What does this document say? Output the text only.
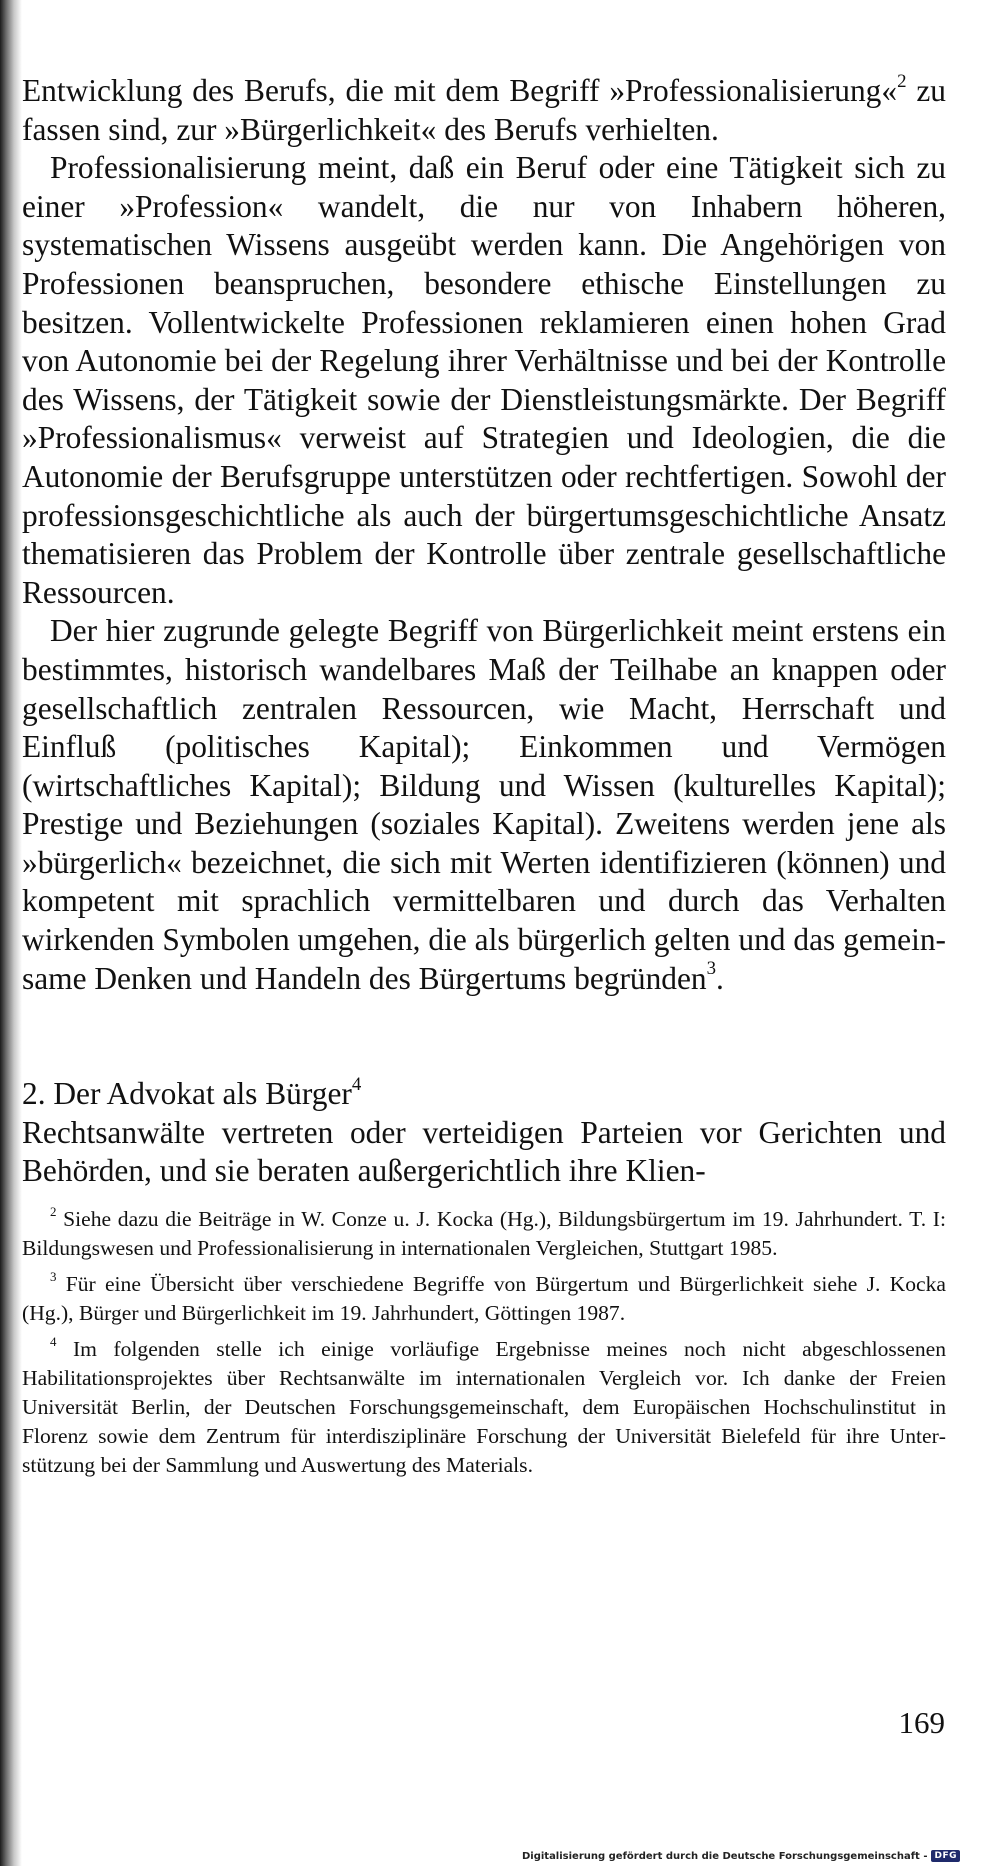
Entwicklung des Berufs, die mit dem Begriff »Professionalisierung«$^2$ zu fassen sind, zur »Bürgerlichkeit« des Berufs verhielten.

Professionalisierung meint, daß ein Beruf oder eine Tätigkeit sich zu einer »Profession« wandelt, die nur von Inhabern höheren, systematischen Wissens ausgeübt werden kann. Die Angehörigen von Professionen beanspruchen, besondere ethische Einstellungen zu besitzen. Vollentwickelte Professionen reklamieren einen hohen Grad von Autonomie bei der Regelung ihrer Verhältnisse und bei der Kontrolle des Wissens, der Tätigkeit sowie der Dienstleistungsmärkte. Der Begriff »Professionalismus« verweist auf Strategien und Ideologien, die die Autonomie der Berufsgruppe unterstützen oder rechtfertigen. Sowohl der professionsgeschichtliche als auch der bürgertumsgeschichtliche Ansatz thematisieren das Problem der Kontrolle über zentrale gesellschaftliche Ressourcen.

Der hier zugrunde gelegte Begriff von Bürgerlichkeit meint erstens ein bestimmtes, historisch wandelbares Maß der Teilhabe an knappen oder gesellschaftlich zentralen Ressourcen, wie Macht, Herrschaft und Einfluß (politisches Kapital); Einkommen und Vermögen (wirtschaftliches Kapital); Bildung und Wissen (kulturelles Kapital); Prestige und Beziehungen (soziales Kapital). Zweitens werden jene als »bürgerlich« bezeichnet, die sich mit Werten identifizieren (können) und kompetent mit sprachlich vermittelbaren und durch das Verhalten wirkenden Symbolen umgehen, die als bürgerlich gelten und das gemeinsame Denken und Handeln des Bürgertums begründen$^3$.

2. Der Advokat als Bürger$^4$

Rechtsanwälte vertreten oder verteidigen Parteien vor Gerichten und Behörden, und sie beraten außergerichtlich ihre Klien-

$^2$ Siehe dazu die Beiträge in W. Conze u. J. Kocka (Hg.), Bildungsbürgertum im 19. Jahrhundert. T. I: Bildungswesen und Professionalisierung in internationalen Vergleichen, Stuttgart 1985.

$^3$ Für eine Übersicht über verschiedene Begriffe von Bürgertum und Bürgerlichkeit siehe J. Kocka (Hg.), Bürger und Bürgerlichkeit im 19. Jahrhundert, Göttingen 1987.

$^4$ Im folgenden stelle ich einige vorläufige Ergebnisse meines noch nicht abgeschlossenen Habilitationsprojektes über Rechtsanwälte im internationalen Vergleich vor. Ich danke der Freien Universität Berlin, der Deutschen Forschungsgemeinschaft, dem Europäischen Hochschulinstitut in Florenz sowie dem Zentrum für interdisziplinäre Forschung der Universität Bielefeld für ihre Unterstützung bei der Sammlung und Auswertung des Materials.

169
Digitalisierung gefördert durch die Deutsche Forschungsgemeinschaft - DFG
